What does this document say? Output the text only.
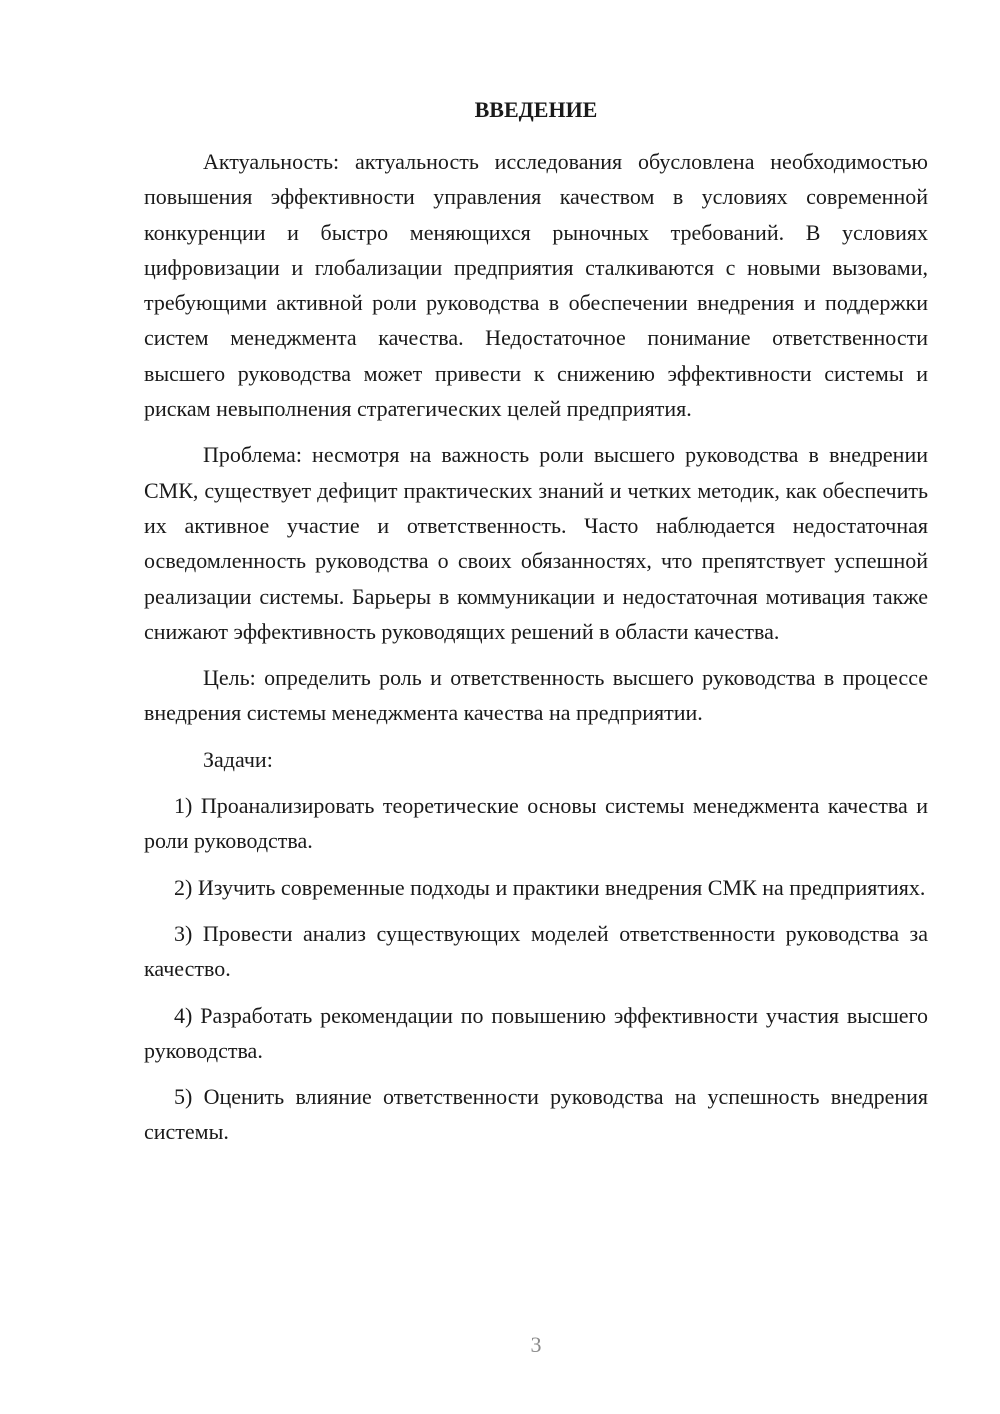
ВВЕДЕНИЕ

Актуальность: актуальность исследования обусловлена необходимостью повышения эффективности управления качеством в условиях современной конкуренции и быстро меняющихся рыночных требований. В условиях цифровизации и глобализации предприятия сталкиваются с новыми вызовами, требующими активной роли руководства в обеспечении внедрения и поддержки систем менеджмента качества. Недостаточное понимание ответственности высшего руководства может привести к снижению эффективности системы и рискам невыполнения стратегических целей предприятия.

Проблема: несмотря на важность роли высшего руководства в внедрении СМК, существует дефицит практических знаний и четких методик, как обеспечить их активное участие и ответственность. Часто наблюдается недостаточная осведомленность руководства о своих обязанностях, что препятствует успешной реализации системы. Барьеры в коммуникации и недостаточная мотивация также снижают эффективность руководящих решений в области качества.

Цель: определить роль и ответственность высшего руководства в процессе внедрения системы менеджмента качества на предприятии.

Задачи:

1) Проанализировать теоретические основы системы менеджмента качества и роли руководства.

2) Изучить современные подходы и практики внедрения СМК на предприятиях.

3) Провести анализ существующих моделей ответственности руководства за качество.

4) Разработать рекомендации по повышению эффективности участия высшего руководства.

5) Оценить влияние ответственности руководства на успешность внедрения системы.

3
